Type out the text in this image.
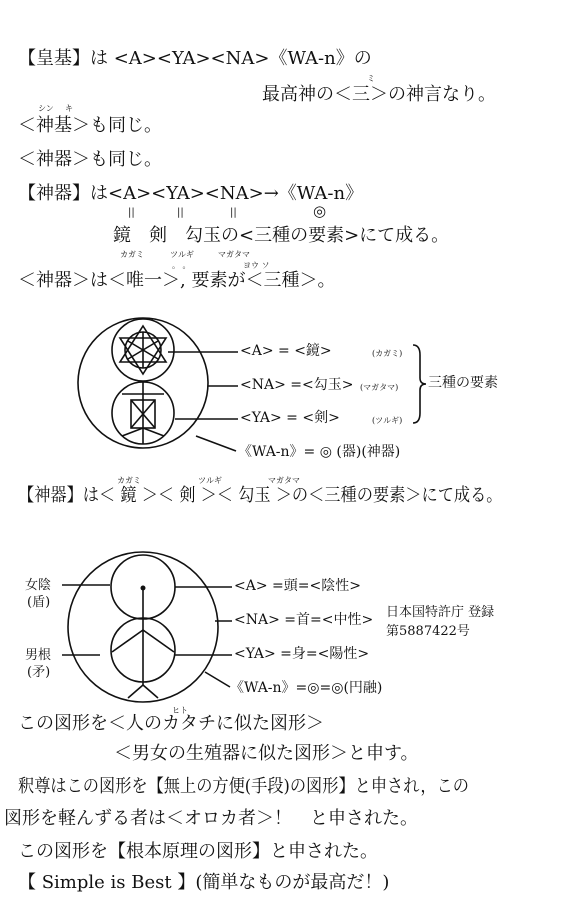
【皇基】は <A><YA><NA>《WA-n》の
ミ
最高神の＜三＞の神言なり。
シン キ
＜神基＞も同じ。
＜神器＞も同じ。
【神器】は<A><YA><NA>→《WA-n》
||	||	||	◎
鏡　剣　勾玉の<三種の要素>にて成る。
カガミ	ツルギ	マガタマ
。 。	ヨウ ソ
＜神器＞は＜唯一＞, 要素が＜三種＞。
<A> = <鏡>	(カガミ)
<NA> =<勾玉> (マガタマ)
<YA> = <剣>	(ツルギ)
《WA-n》= ◎ (器)(神器)
三種の要素
カガミ	ツルギ	マガタマ
【神器】は＜ 鏡 ＞＜ 剣 ＞＜ 勾玉 ＞の＜三種の要素＞にて成る。
女陰
(盾)
男根
(矛)
<A> =頭=<陰性>
<NA> =首=<中性>
<YA> =身=<陽性>
《WA-n》=◎=◎(円融)
日本国特許庁 登録
第5887422号
ヒト
この図形を＜人のカタチに似た図形＞
＜男女の生殖器に似た図形＞と申す。
釈尊はこの図形を【無上の方便(手段)の図形】と申され，この
図形を軽んずる者は＜オロカ者＞！　と申された。
この図形を【根本原理の図形】と申された。
【 Simple is Best 】(簡単なものが最高だ！)
